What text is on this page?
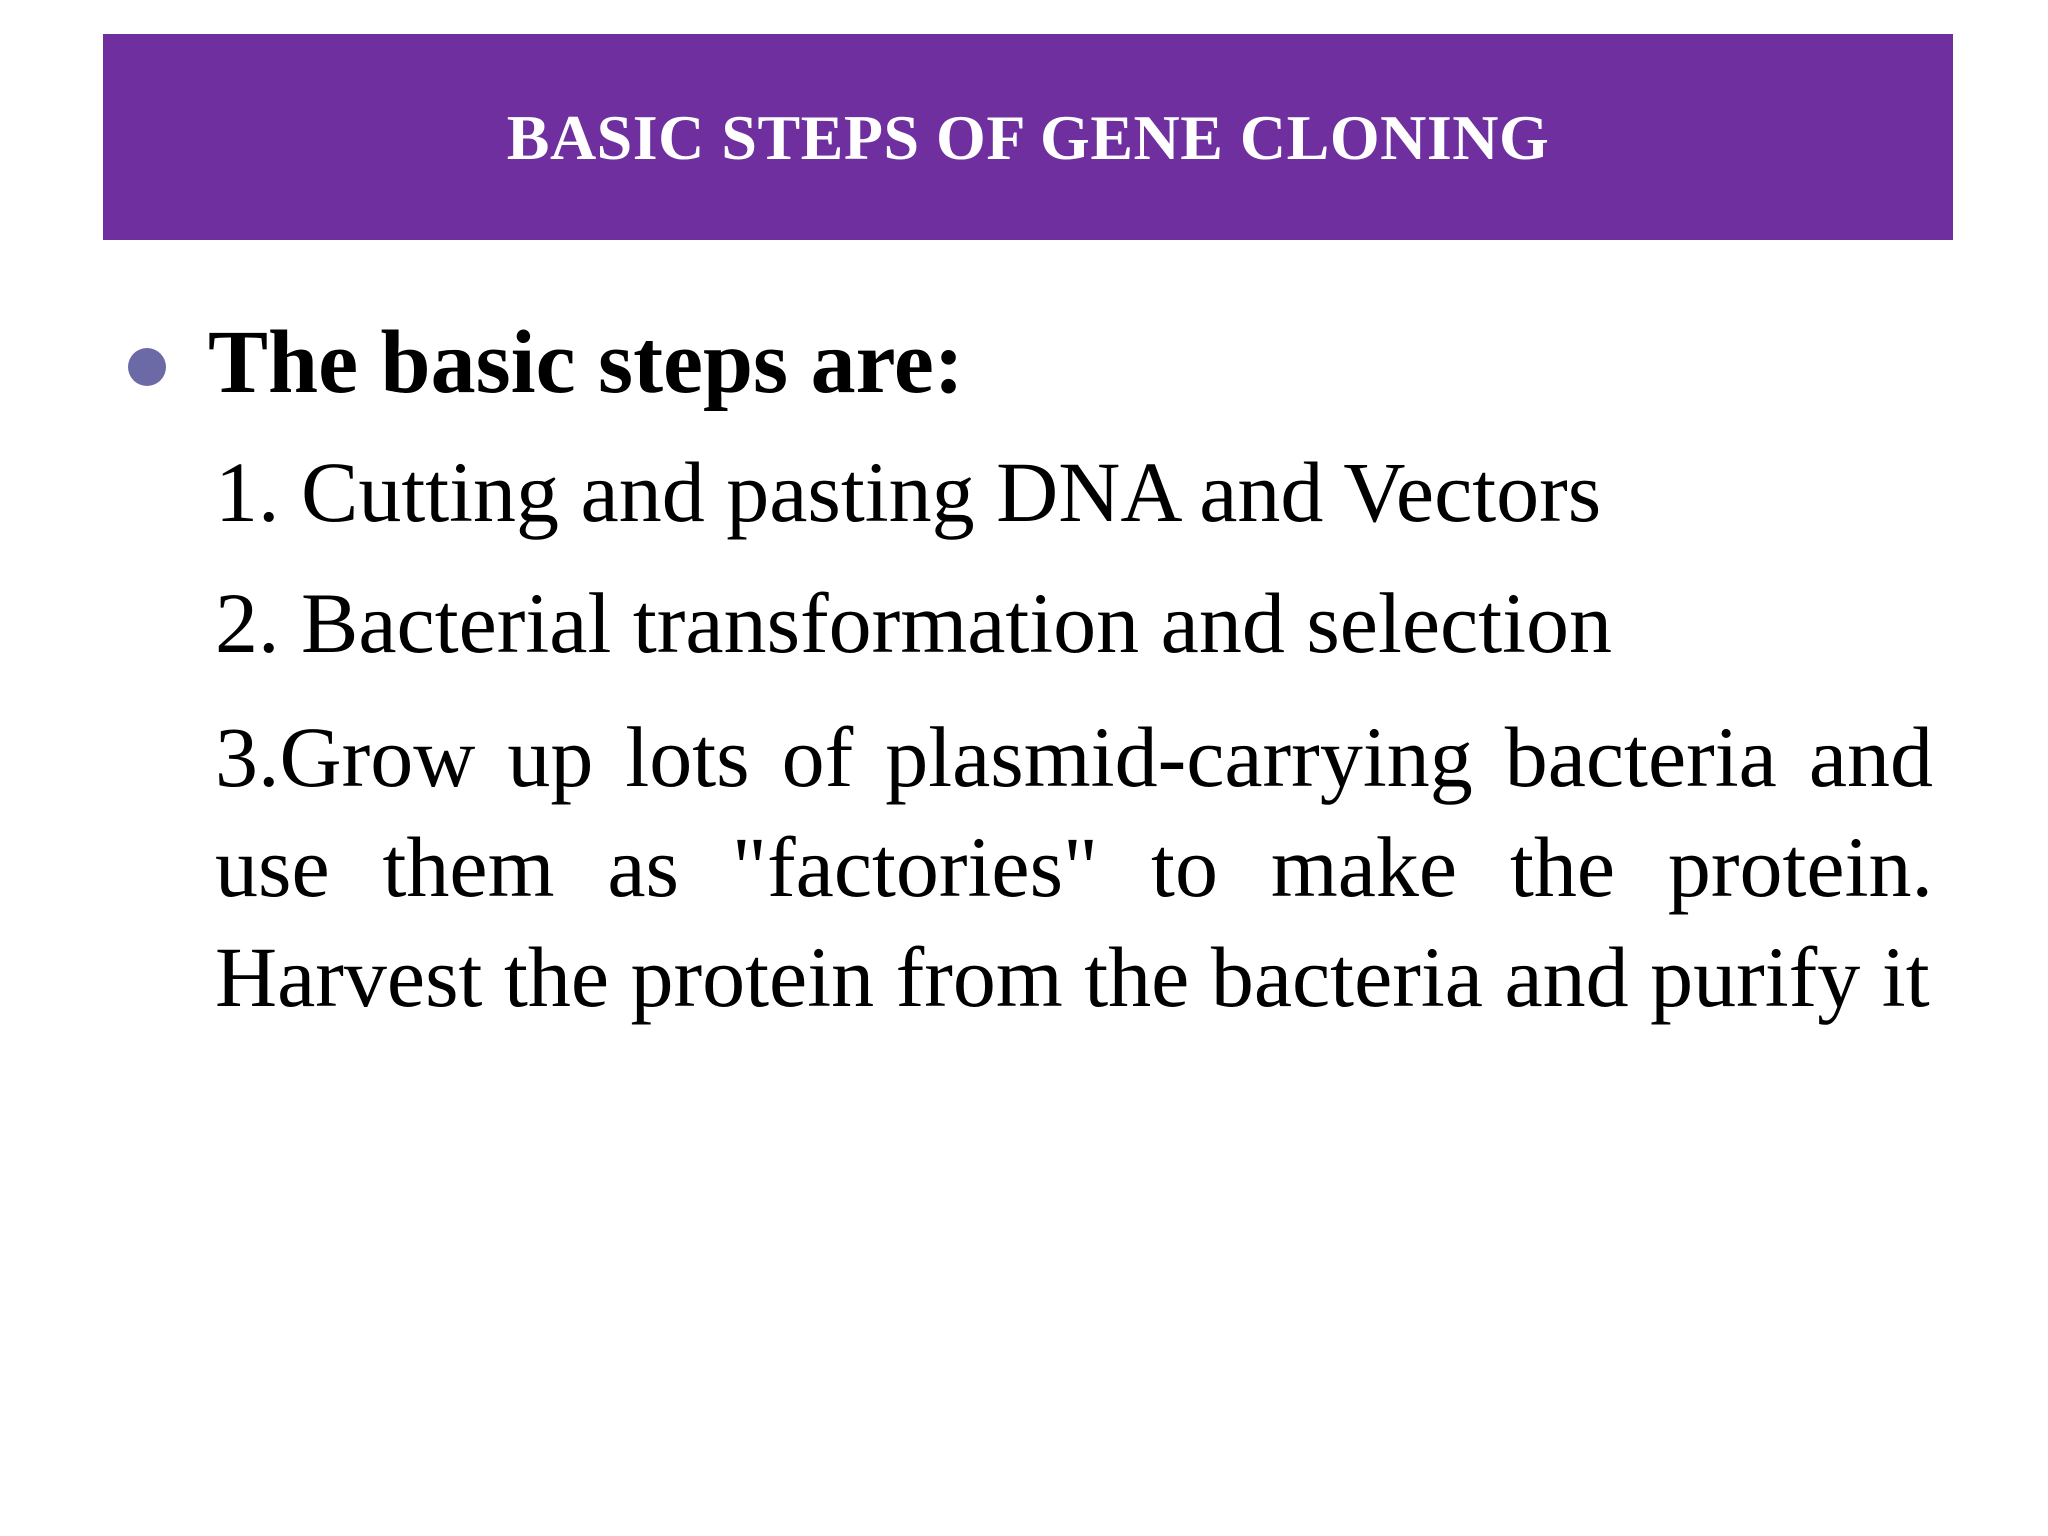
BASIC STEPS OF GENE CLONING
The basic steps are:
1. Cutting and pasting DNA and Vectors
2. Bacterial transformation and selection
3.Grow up lots of plasmid-carrying bacteria and use them as "factories" to make the protein. Harvest the protein from the bacteria and purify it
